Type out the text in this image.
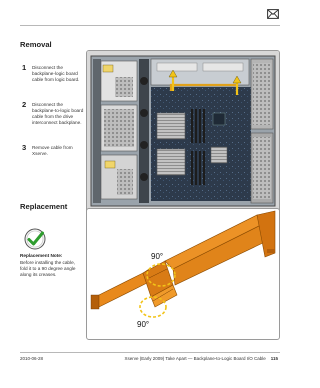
Removal
1 Disconnect the backplane-logic board cable from logic board.
2 Disconnect the backplane-to-logic board cable from the drive interconnect backplane.
3 Remove cable from Xserve.
Replacement
Replacement Note:
Before installing the cable, fold it to a 90 degree angle along its creases.
90°
90°
2010-06-28	Xserve (Early 2009) Take Apart — Backplane-to-Logic Board I/O Cable 115
